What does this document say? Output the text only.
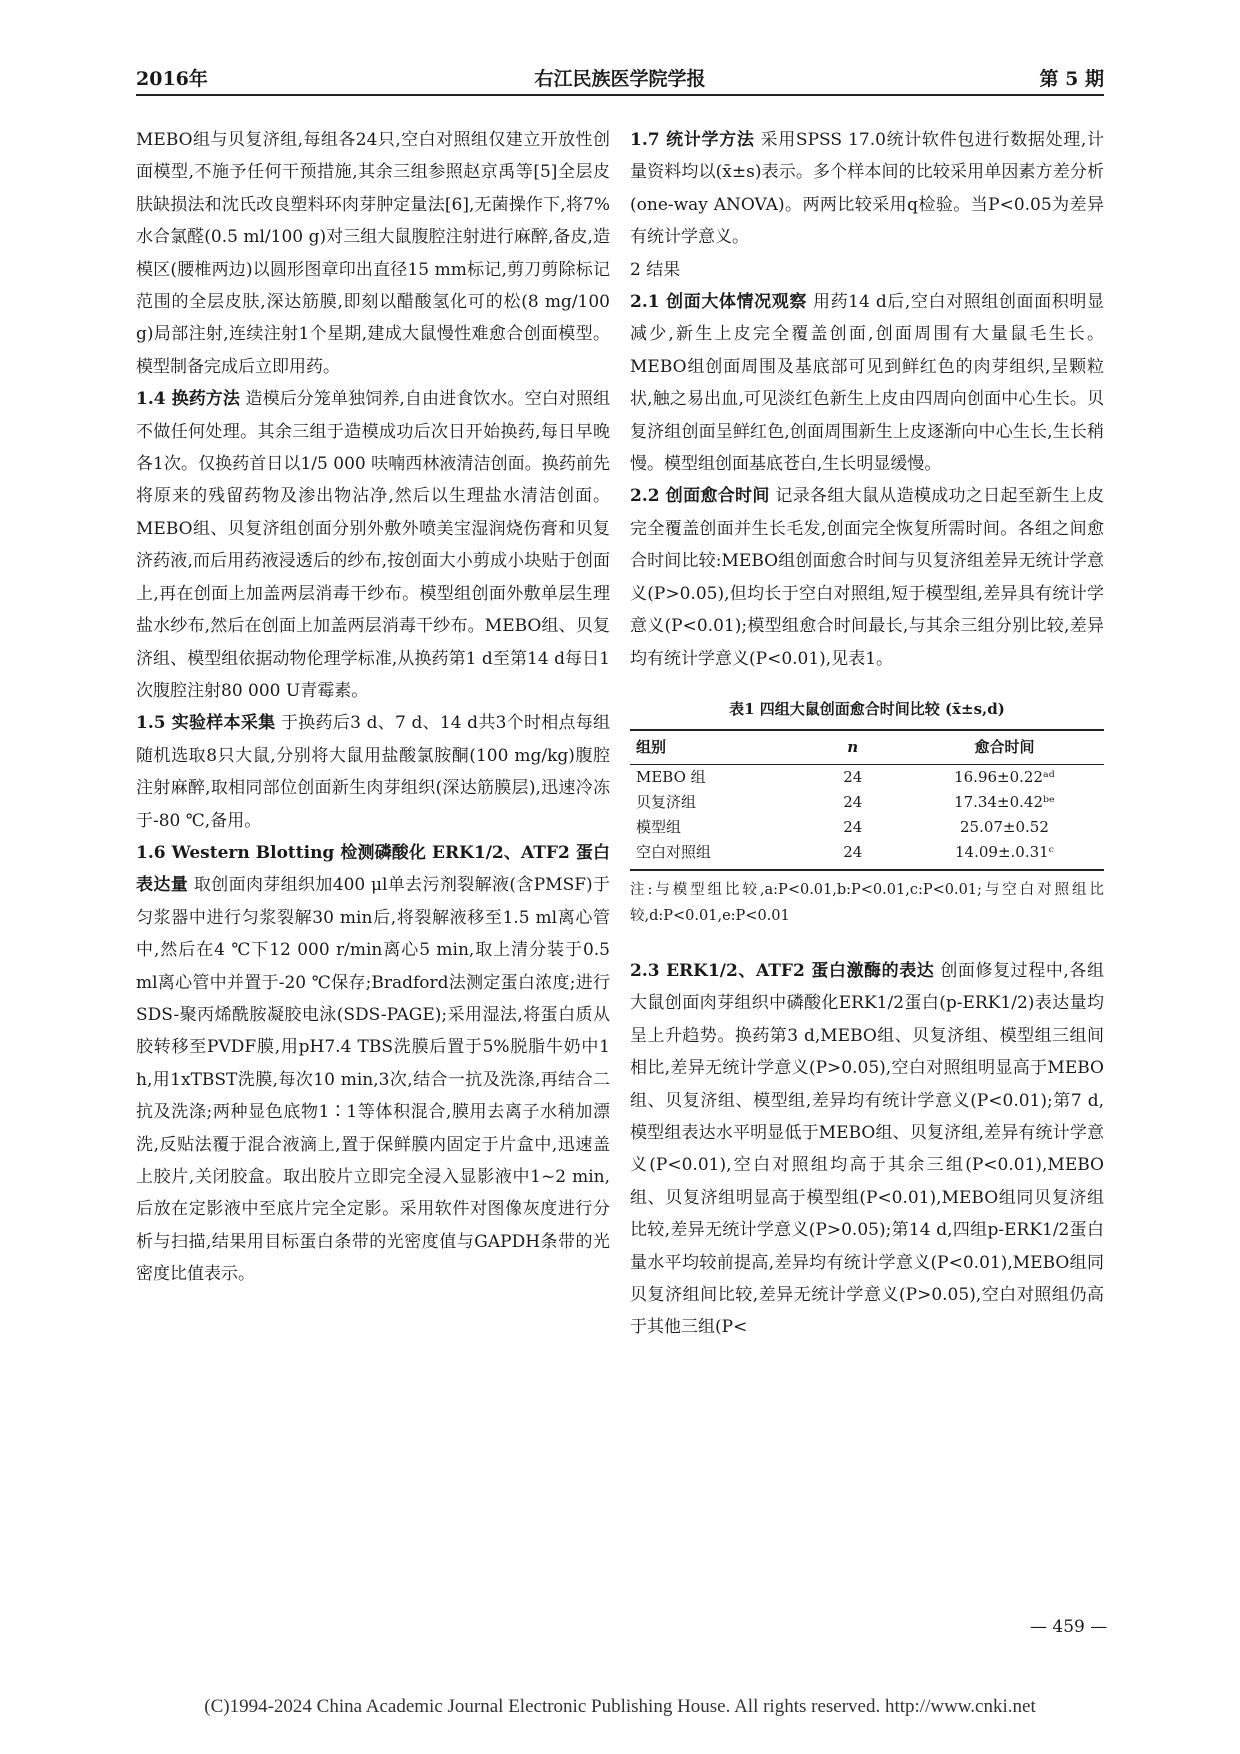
2016年	右江民族医学院学报	第 5 期

MEBO组与贝复济组,每组各24只,空白对照组仅建立开放性创面模型,不施予任何干预措施,其余三组参照赵京禹等[5]全层皮肤缺损法和沈氏改良塑料环肉芽肿定量法[6],无菌操作下,将7%水合氯醛(0.5 ml/100 g)对三组大鼠腹腔注射进行麻醉,备皮,造模区(腰椎两边)以圆形图章印出直径15 mm标记,剪刀剪除标记范围的全层皮肤,深达筋膜,即刻以醋酸氢化可的松(8 mg/100 g)局部注射,连续注射1个星期,建成大鼠慢性难愈合创面模型。模型制备完成后立即用药。

1.4 换药方法 造模后分笼单独饲养,自由进食饮水。空白对照组不做任何处理。其余三组于造模成功后次日开始换药,每日早晚各1次。仅换药首日以1/5 000 呋喃西林液清洁创面。换药前先将原来的残留药物及渗出物沾净,然后以生理盐水清洁创面。MEBO组、贝复济组创面分别外敷外喷美宝湿润烧伤膏和贝复济药液,而后用药液浸透后的纱布,按创面大小剪成小块贴于创面上,再在创面上加盖两层消毒干纱布。模型组创面外敷单层生理盐水纱布,然后在创面上加盖两层消毒干纱布。MEBO组、贝复济组、模型组依据动物伦理学标准,从换药第1 d至第14 d每日1次腹腔注射80 000 U青霉素。

1.5 实验样本采集 于换药后3 d、7 d、14 d共3个时相点每组随机选取8只大鼠,分别将大鼠用盐酸氯胺酮(100 mg/kg)腹腔注射麻醉,取相同部位创面新生肉芽组织(深达筋膜层),迅速冷冻于-80 ℃,备用。

1.6 Western Blotting 检测磷酸化 ERK1/2、ATF2 蛋白表达量 取创面肉芽组织加400 μl单去污剂裂解液(含PMSF)于匀浆器中进行匀浆裂解30 min后,将裂解液移至1.5 ml离心管中,然后在4 ℃下12 000 r/min离心5 min,取上清分装于0.5 ml离心管中并置于-20 ℃保存;Bradford法测定蛋白浓度;进行SDS-聚丙烯酰胺凝胶电泳(SDS-PAGE);采用湿法,将蛋白质从胶转移至PVDF膜,用pH7.4 TBS洗膜后置于5%脱脂牛奶中1 h,用1xTBST洗膜,每次10 min,3次,结合一抗及洗涤,再结合二抗及洗涤;两种显色底物1∶1等体积混合,膜用去离子水稍加漂洗,反贴法覆于混合液滴上,置于保鲜膜内固定于片盒中,迅速盖上胶片,关闭胶盒。取出胶片立即完全浸入显影液中1~2 min,后放在定影液中至底片完全定影。采用软件对图像灰度进行分析与扫描,结果用目标蛋白条带的光密度值与GAPDH条带的光密度比值表示。

1.7 统计学方法 采用SPSS 17.0统计软件包进行数据处理,计量资料均以(x̄±s)表示。多个样本间的比较采用单因素方差分析(one-way ANOVA)。两两比较采用q检验。当P<0.05为差异有统计学意义。

2 结果

2.1 创面大体情况观察 用药14 d后,空白对照组创面面积明显减少,新生上皮完全覆盖创面,创面周围有大量鼠毛生长。MEBO组创面周围及基底部可见到鲜红色的肉芽组织,呈颗粒状,触之易出血,可见淡红色新生上皮由四周向创面中心生长。贝复济组创面呈鲜红色,创面周围新生上皮逐渐向中心生长,生长稍慢。模型组创面基底苍白,生长明显缓慢。

2.2 创面愈合时间 记录各组大鼠从造模成功之日起至新生上皮完全覆盖创面并生长毛发,创面完全恢复所需时间。各组之间愈合时间比较:MEBO组创面愈合时间与贝复济组差异无统计学意义(P>0.05),但均长于空白对照组,短于模型组,差异具有统计学意义(P<0.01);模型组愈合时间最长,与其余三组分别比较,差异均有统计学意义(P<0.01),见表1。

表1 四组大鼠创面愈合时间比较 (x̄±s,d)
组别	n	愈合时间
MEBO 组	24	16.96±0.22ᵃᵈ
贝复济组	24	17.34±0.42ᵇᵉ
模型组	24	25.07±0.52
空白对照组	24	14.09±.0.31ᶜ

注:与模型组比较,a:P<0.01,b:P<0.01,c:P<0.01;与空白对照组比较,d:P<0.01,e:P<0.01

2.3 ERK1/2、ATF2 蛋白激酶的表达 创面修复过程中,各组大鼠创面肉芽组织中磷酸化ERK1/2蛋白(p-ERK1/2)表达量均呈上升趋势。换药第3 d,MEBO组、贝复济组、模型组三组间相比,差异无统计学意义(P>0.05),空白对照组明显高于MEBO组、贝复济组、模型组,差异均有统计学意义(P<0.01);第7 d,模型组表达水平明显低于MEBO组、贝复济组,差异有统计学意义(P<0.01),空白对照组均高于其余三组(P<0.01),MEBO组、贝复济组明显高于模型组(P<0.01),MEBO组同贝复济组比较,差异无统计学意义(P>0.05);第14 d,四组p-ERK1/2蛋白量水平均较前提高,差异均有统计学意义(P<0.01),MEBO组同贝复济组间比较,差异无统计学意义(P>0.05),空白对照组仍高于其他三组(P<

— 459 —
(C)1994-2024 China Academic Journal Electronic Publishing House. All rights reserved. http://www.cnki.net
